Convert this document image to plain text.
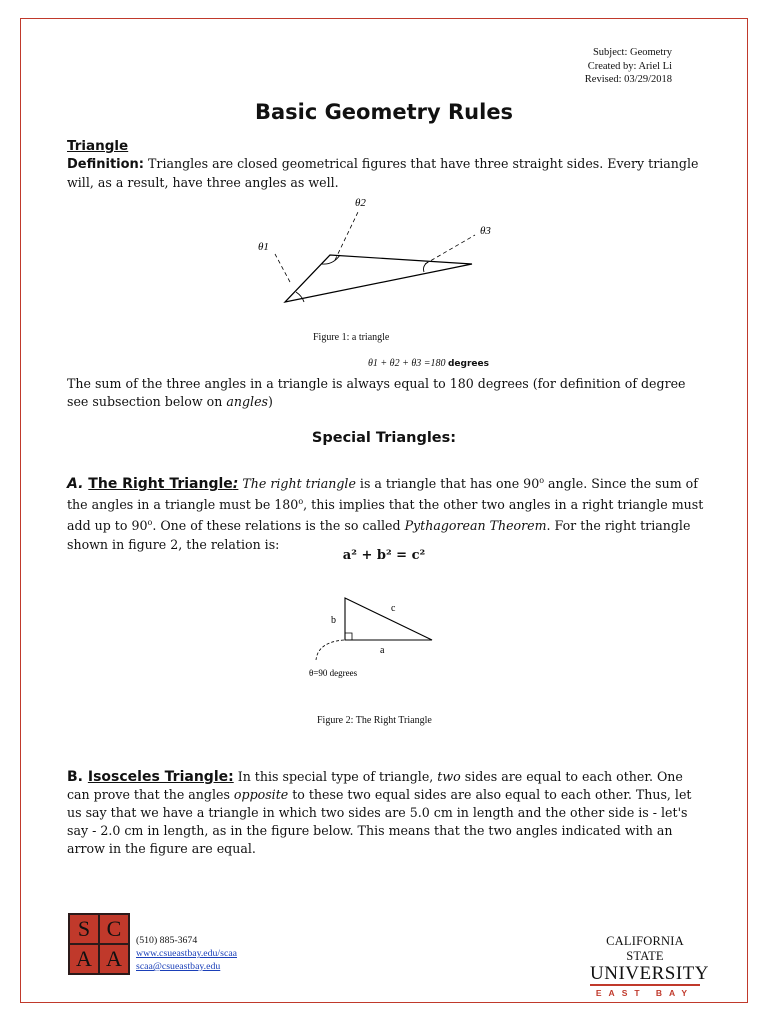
Subject: Geometry
Created by: Ariel Li
Revised: 03/29/2018
Basic Geometry Rules
Triangle
Definition: Triangles are closed geometrical figures that have three straight sides. Every triangle will, as a result, have three angles as well.
θ1
θ2
θ3
Figure 1: a triangle
θ1 + θ2 + θ3 =180 degrees
The sum of the three angles in a triangle is always equal to 180 degrees (for definition of degree see subsection below on angles)
Special Triangles:
A. The Right Triangle: The right triangle is a triangle that has one 90$^o$ angle. Since the sum of the angles in a triangle must be 180$^o$, this implies that the other two angles in a right triangle must add up to 90$^o$. One of these relations is the so called Pythagorean Theorem. For the right triangle shown in figure 2, the relation is:
a² + b² = c²
b
c
a
θ=90 degrees
Figure 2: The Right Triangle
B. Isosceles Triangle: In this special type of triangle, two sides are equal to each other. One can prove that the angles opposite to these two equal sides are also equal to each other. Thus, let us say that we have a triangle in which two sides are 5.0 cm in length and the other side is - let's say - 2.0 cm in length, as in the figure below. This means that the two angles indicated with an arrow in the figure are equal.
S C
A A
(510) 885-3674
www.csueastbay.edu/scaa
scaa@csueastbay.edu
CALIFORNIA STATE
UNIVERSITY
EAST BAY
